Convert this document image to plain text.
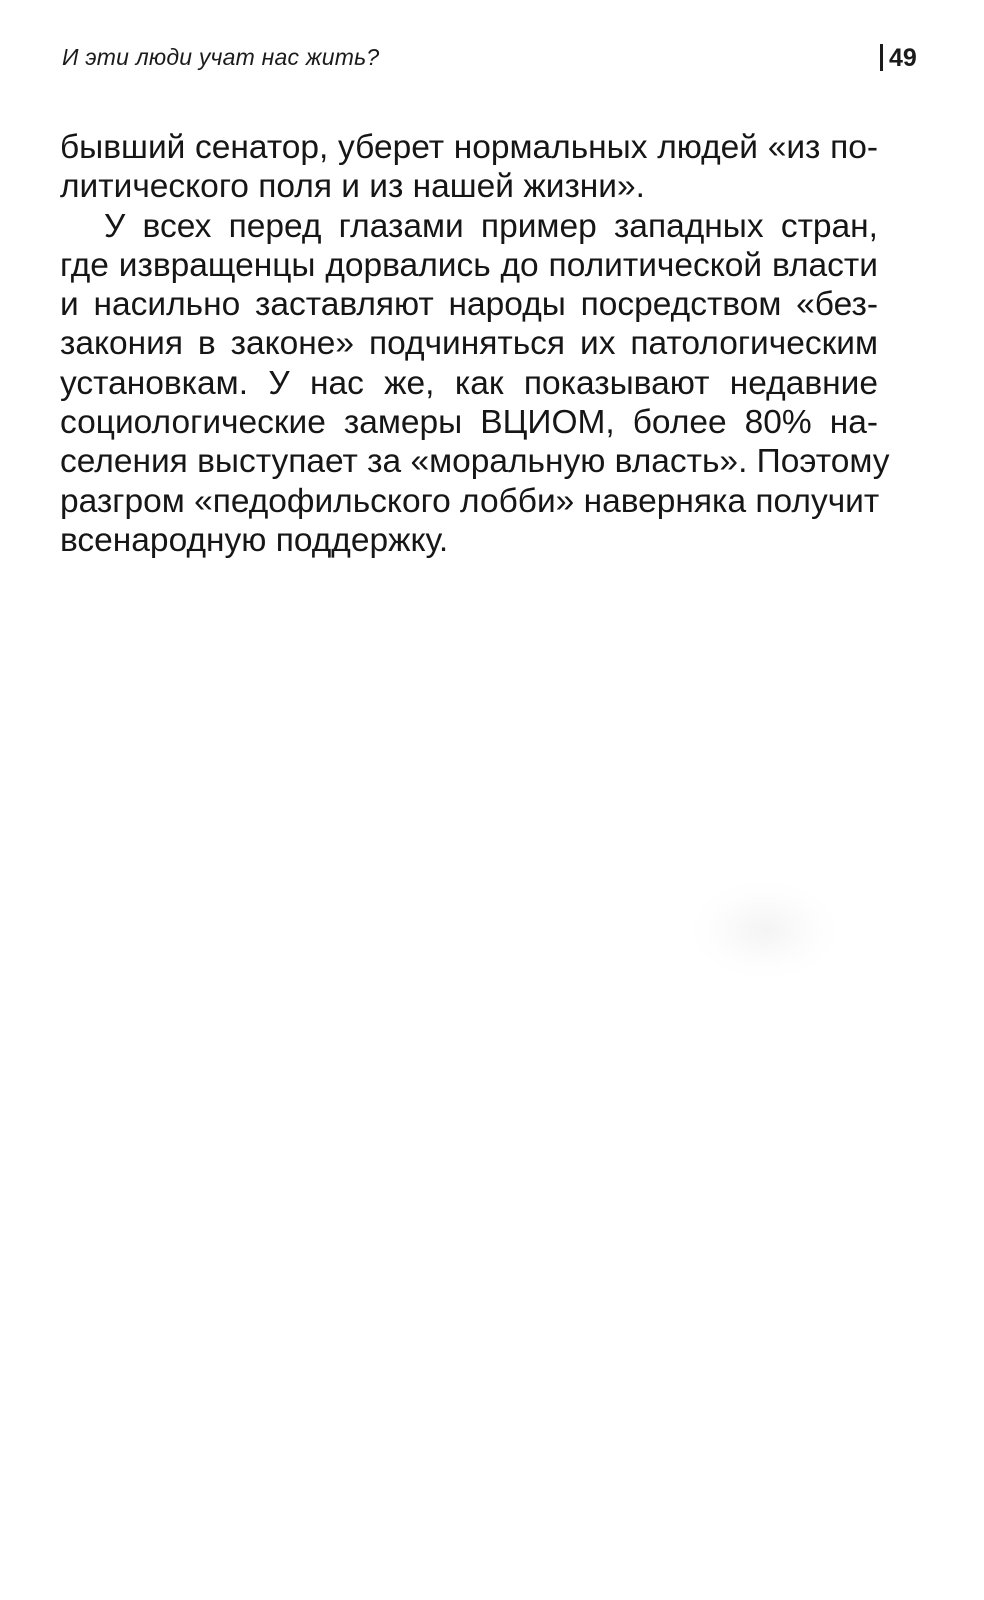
И эти люди учат нас жить?	49
бывший сенатор, уберет нормальных людей «из по-
литического поля и из нашей жизни».
У всех перед глазами пример западных стран,
где извращенцы дорвались до политической власти
и насильно заставляют народы посредством «без-
закония в законе» подчиняться их патологическим
установкам. У нас же, как показывают недавние
социологические замеры ВЦИОМ, более 80% на-
селения выступает за «моральную власть». Поэтому
разгром «педофильского лобби» наверняка получит
всенародную поддержку.
